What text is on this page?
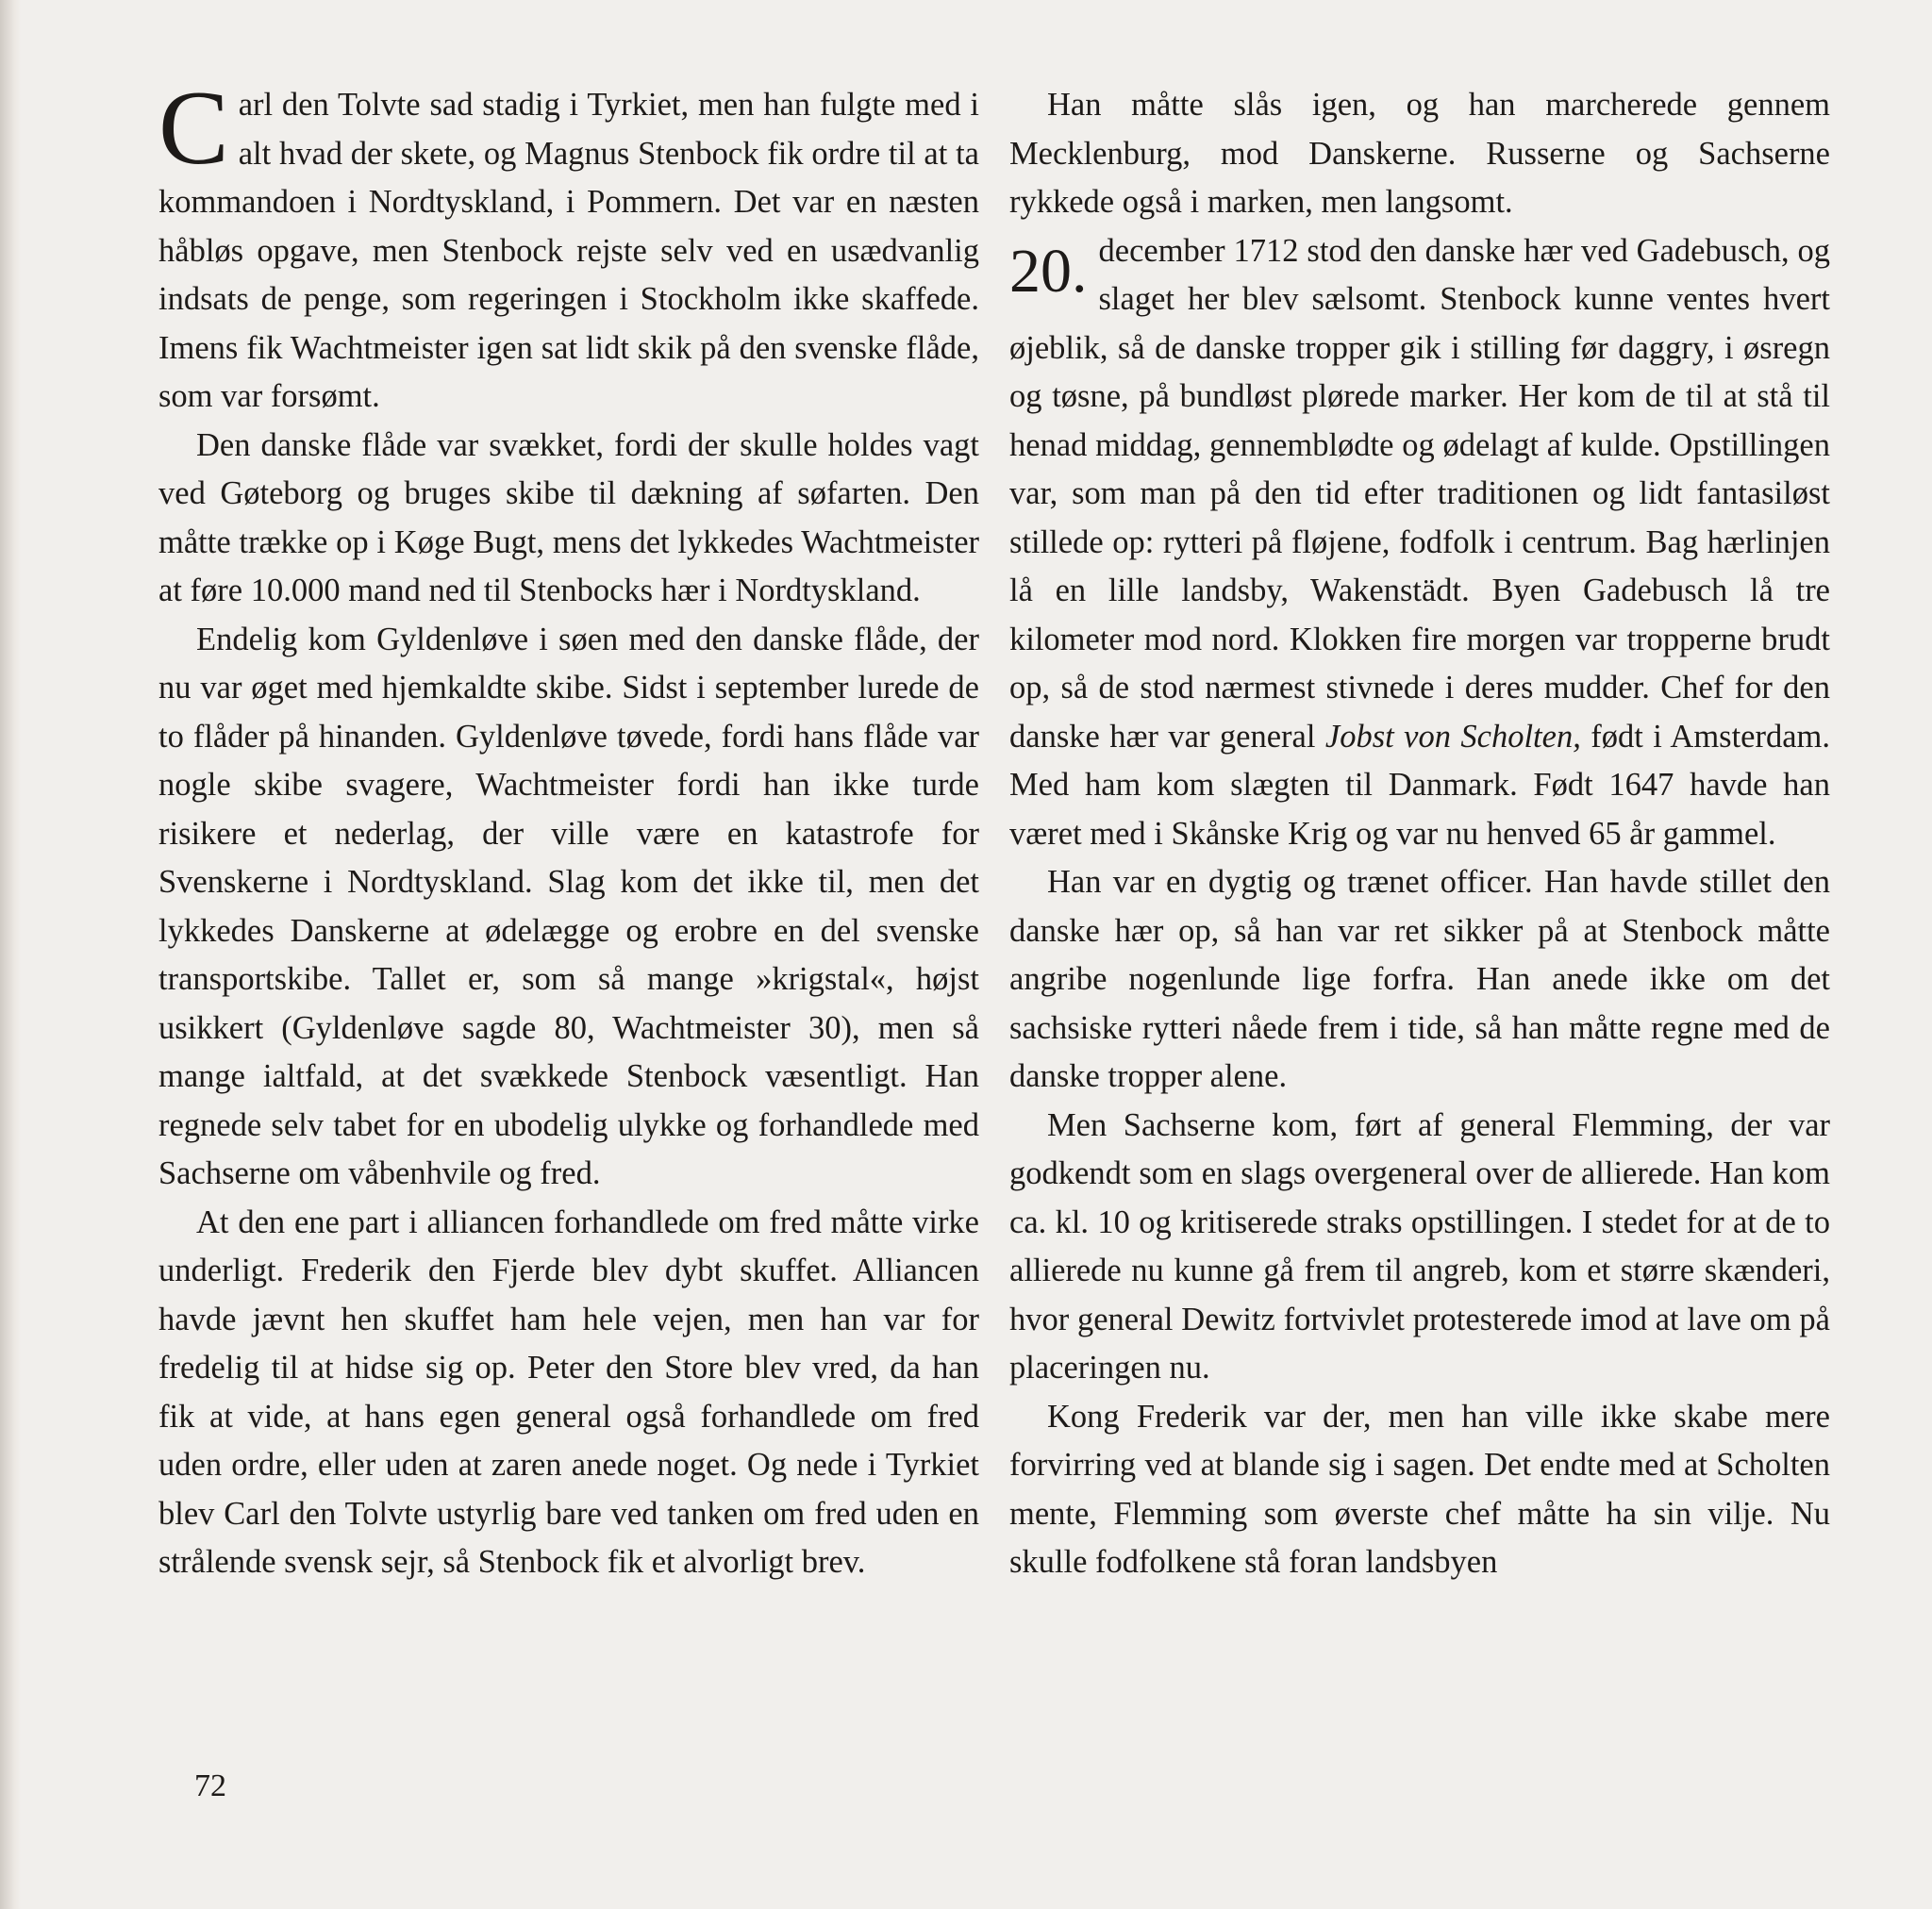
Carl den Tolvte sad stadig i Tyrkiet, men han fulgte med i alt hvad der skete, og Magnus Stenbock fik ordre til at ta kommandoen i Nordtyskland, i Pommern. Det var en næsten håbløs opgave, men Stenbock rejste selv ved en usædvanlig indsats de penge, som regeringen i Stockholm ikke skaffede. Imens fik Wachtmeister igen sat lidt skik på den svenske flåde, som var forsømt.

Den danske flåde var svækket, fordi der skulle holdes vagt ved Gøteborg og bruges skibe til dækning af søfarten. Den måtte trække op i Køge Bugt, mens det lykkedes Wachtmeister at føre 10.000 mand ned til Stenbocks hær i Nordtyskland.

Endelig kom Gyldenløve i søen med den danske flåde, der nu var øget med hjemkaldte skibe. Sidst i september lurede de to flåder på hinanden. Gyldenløve tøvede, fordi hans flåde var nogle skibe svagere, Wachtmeister fordi han ikke turde risikere et nederlag, der ville være en katastrofe for Svenskerne i Nordtyskland. Slag kom det ikke til, men det lykkedes Danskerne at ødelægge og erobre en del svenske transportskibe. Tallet er, som så mange »krigstal«, højst usikkert (Gyldenløve sagde 80, Wachtmeister 30), men så mange ialtfald, at det svækkede Stenbock væsentligt. Han regnede selv tabet for en ubodelig ulykke og forhandlede med Sachserne om våbenhvile og fred.

At den ene part i alliancen forhandlede om fred måtte virke underligt. Frederik den Fjerde blev dybt skuffet. Alliancen havde jævnt hen skuffet ham hele vejen, men han var for fredelig til at hidse sig op. Peter den Store blev vred, da han fik at vide, at hans egen general også forhandlede om fred uden ordre, eller uden at zaren anede noget. Og nede i Tyrkiet blev Carl den Tolvte ustyrlig bare ved tanken om fred uden en strålende svensk sejr, så Stenbock fik et alvorligt brev.

Han måtte slås igen, og han marcherede gennem Mecklenburg, mod Danskerne. Russerne og Sachserne rykkede også i marken, men langsomt.

20. december 1712 stod den danske hær ved Gadebusch, og slaget her blev sælsomt. Stenbock kunne ventes hvert øjeblik, så de danske tropper gik i stilling før daggry, i øsregn og tøsne, på bundløst plørede marker. Her kom de til at stå til henad middag, gennemblødte og ødelagt af kulde. Opstillingen var, som man på den tid efter traditionen og lidt fantasiløst stillede op: rytteri på fløjene, fodfolk i centrum. Bag hærlinjen lå en lille landsby, Wakenstädt. Byen Gadebusch lå tre kilometer mod nord. Klokken fire morgen var tropperne brudt op, så de stod nærmest stivnede i deres mudder. Chef for den danske hær var general Jobst von Scholten, født i Amsterdam. Med ham kom slægten til Danmark. Født 1647 havde han været med i Skånske Krig og var nu henved 65 år gammel.

Han var en dygtig og trænet officer. Han havde stillet den danske hær op, så han var ret sikker på at Stenbock måtte angribe nogenlunde lige forfra. Han anede ikke om det sachsiske rytteri nåede frem i tide, så han måtte regne med de danske tropper alene.

Men Sachserne kom, ført af general Flemming, der var godkendt som en slags overgeneral over de allierede. Han kom ca. kl. 10 og kritiserede straks opstillingen. I stedet for at de to allierede nu kunne gå frem til angreb, kom et større skænderi, hvor general Dewitz fortvivlet protesterede imod at lave om på placeringen nu.

Kong Frederik var der, men han ville ikke skabe mere forvirring ved at blande sig i sagen. Det endte med at Scholten mente, Flemming som øverste chef måtte ha sin vilje. Nu skulle fodfolkene stå foran landsbyen

72
